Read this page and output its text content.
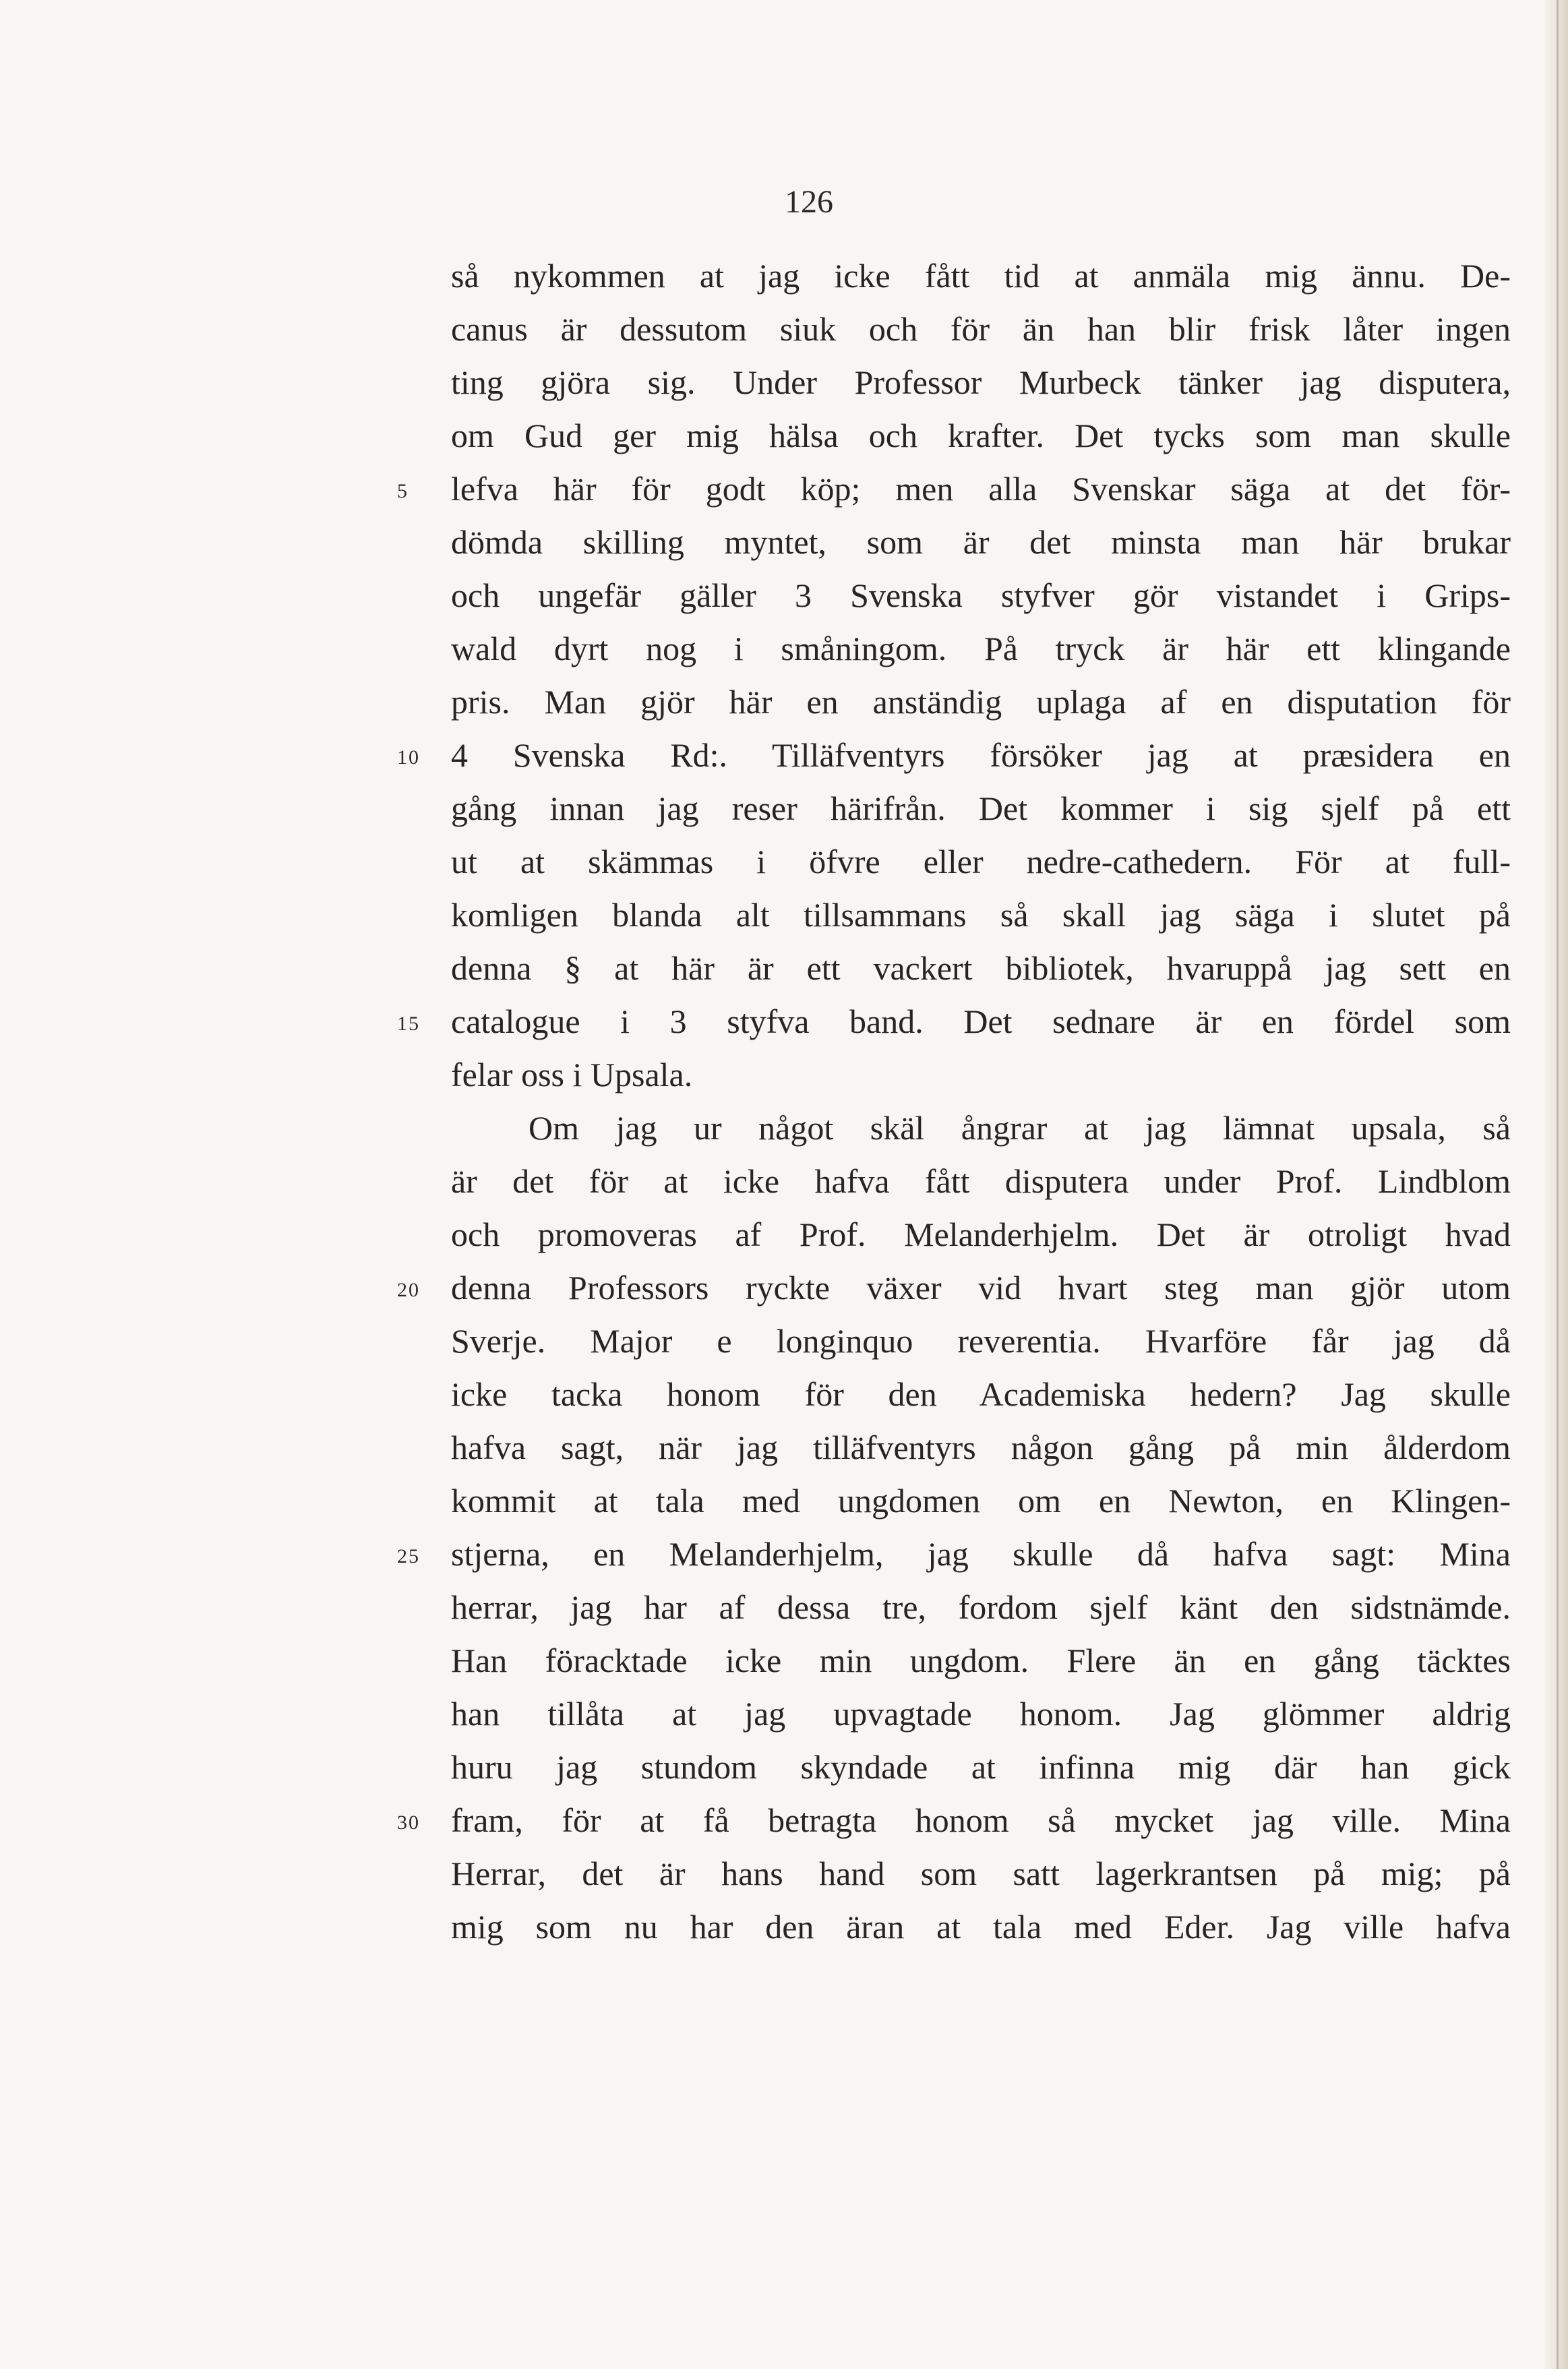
126
så nykommen at jag icke fått tid at anmäla mig ännu. De-
canus är dessutom siuk och för än han blir frisk låter ingen
ting gjöra sig. Under Professor Murbeck tänker jag disputera,
om Gud ger mig hälsa och krafter. Det tycks som man skulle
5	lefva här för godt köp; men alla Svenskar säga at det för-
dömda skilling myntet, som är det minsta man här brukar
och ungefär gäller 3 Svenska styfver gör vistandet i Grips-
wald dyrt nog i småningom. På tryck är här ett klingande
pris. Man gjör här en anständig uplaga af en disputation för
10 4 Svenska Rd:. Tilläfventyrs försöker jag at præsidera en
gång innan jag reser härifrån. Det kommer i sig sjelf på ett
ut at skämmas i öfvre eller nedre-cathedern. För at full-
komligen blanda alt tillsammans så skall jag säga i slutet på
denna § at här är ett vackert bibliotek, hvaruppå jag sett en
15 catalogue i 3 styfva band. Det sednare är en fördel som
felar oss i Upsala.
Om jag ur något skäl ångrar at jag lämnat upsala, så
är det för at icke hafva fått disputera under Prof. Lindblom
och promoveras af Prof. Melanderhjelm. Det är otroligt hvad
20 denna Professors ryckte växer vid hvart steg man gjör utom
Sverje. Major e longinquo reverentia. Hvarföre får jag då
icke tacka honom för den Academiska hedern? Jag skulle
hafva sagt, när jag tilläfventyrs någon gång på min ålderdom
kommit at tala med ungdomen om en Newton, en Klingen-
25 stjerna, en Melanderhjelm, jag skulle då hafva sagt: Mina
herrar, jag har af dessa tre, fordom sjelf känt den sidstnämde.
Han föracktade icke min ungdom. Flere än en gång täcktes
han tillåta at jag upvagtade honom. Jag glömmer aldrig
huru jag stundom skyndade at infinna mig där han gick
30 fram, för at få betragta honom så mycket jag ville. Mina
Herrar, det är hans hand som satt lagerkrantsen på mig; på
mig som nu har den äran at tala med Eder. Jag ville hafva
